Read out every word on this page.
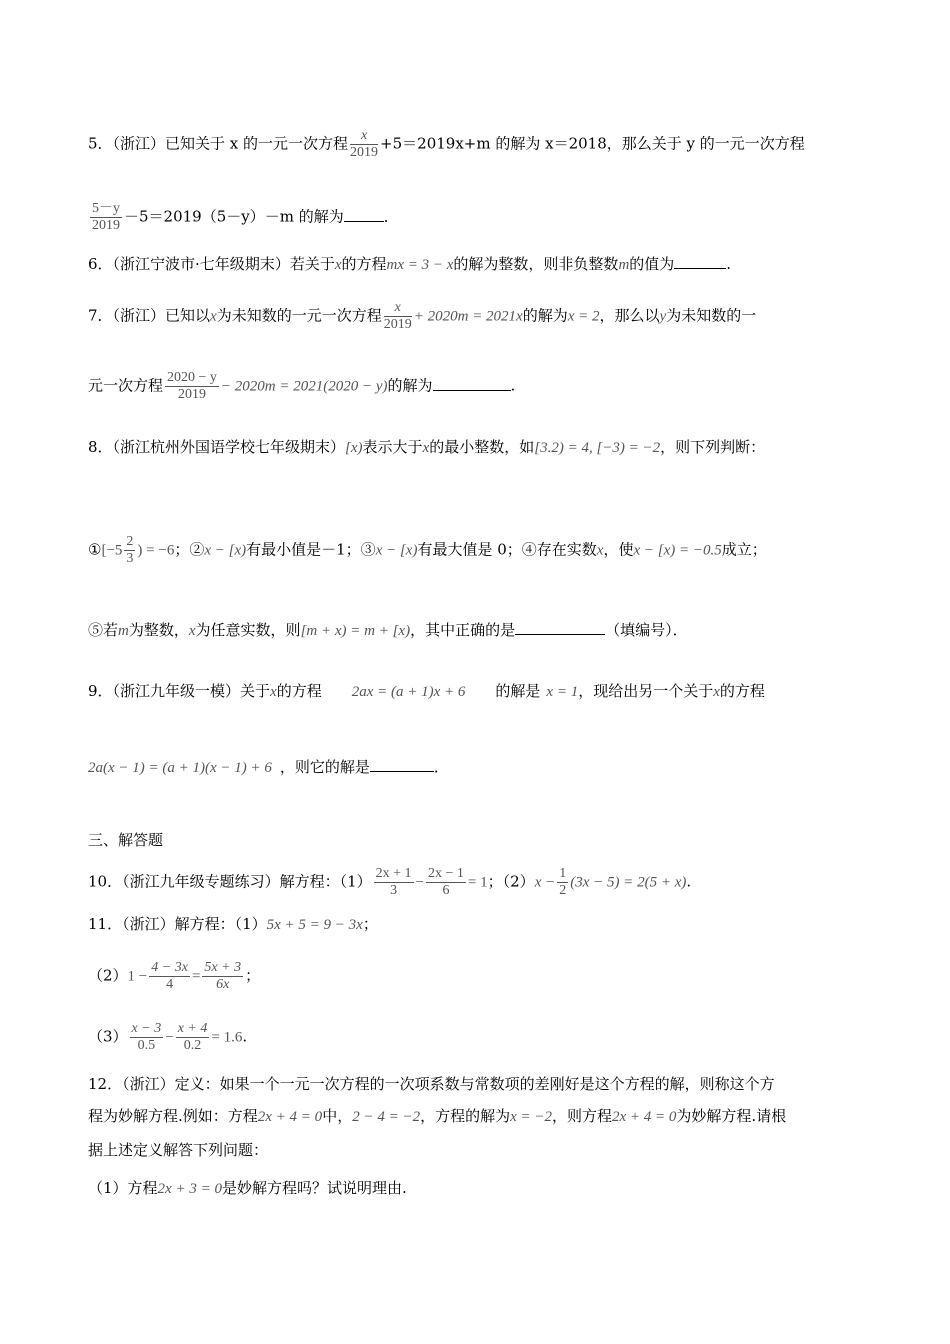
5．（浙江）已知关于 x 的一元一次方程 $\frac{x}{2019} +5=2019x+m$ 的解为 x＝2018，那么关于 y 的一元一次方程
$\frac{5-y}{2019} -5=2019(5-y)-m$ 的解为	．
6．（浙江宁波市·七年级期末）若关于x的方程mx = 3 − x的解为整数，则非负整数m的值为	.
7．（浙江）已知以x为未知数的一元一次方程 $\frac{x}{2019} + 2020m = 2021x$的解为x = 2，那么以y为未知数的一
元一次方程 $\frac{2020 - y}{2019} - 2020m = 2021(2020 - y)$的解为	.
8．（浙江杭州外国语学校七年级期末）[x)表示大于x的最小整数，如[3.2) = 4, [−3) = −2，则下列判断：
①[−5 $\frac{2}{3}$ ) = −6；②x − [x)有最小值是－1；③x − [x)有最大值是 0；④存在实数x，使x − [x) = −0.5成立；
⑤若m为整数，x为任意实数，则[m + x) = m + [x)，其中正确的是	（填编号）．
9．（浙江九年级一模）关于x的方程 2ax = (a + 1)x + 6 的解是 x = 1，现给出另一个关于x的方程
2a(x − 1) = (a + 1)(x − 1) + 6 ，则它的解是	．
三、解答题
10．（浙江九年级专题练习）解方程：$(1) \frac{2x + 1}{3} - \frac{2x - 1}{6} = 1$；$(2)x - \frac{1}{2} (3x - 5) = 2(5 + x)$.
11．（浙江）解方程：（1）5x + 5 = 9 − 3x；
$(2)1 - \frac{4 - 3x}{4} = \frac{5x + 3}{6x}$ ；
$(3) \frac{x - 3}{0.5} - \frac{x + 4}{0.2} = 1.6$.
12．（浙江）定义：如果一个一元一次方程的一次项系数与常数项的差刚好是这个方程的解，则称这个方
程为妙解方程.例如：方程2x + 4 = 0中，2 − 4 = −2，方程的解为x = −2，则方程2x + 4 = 0为妙解方程.请根
据上述定义解答下列问题：
（1）方程2x + 3 = 0是妙解方程吗？试说明理由.
